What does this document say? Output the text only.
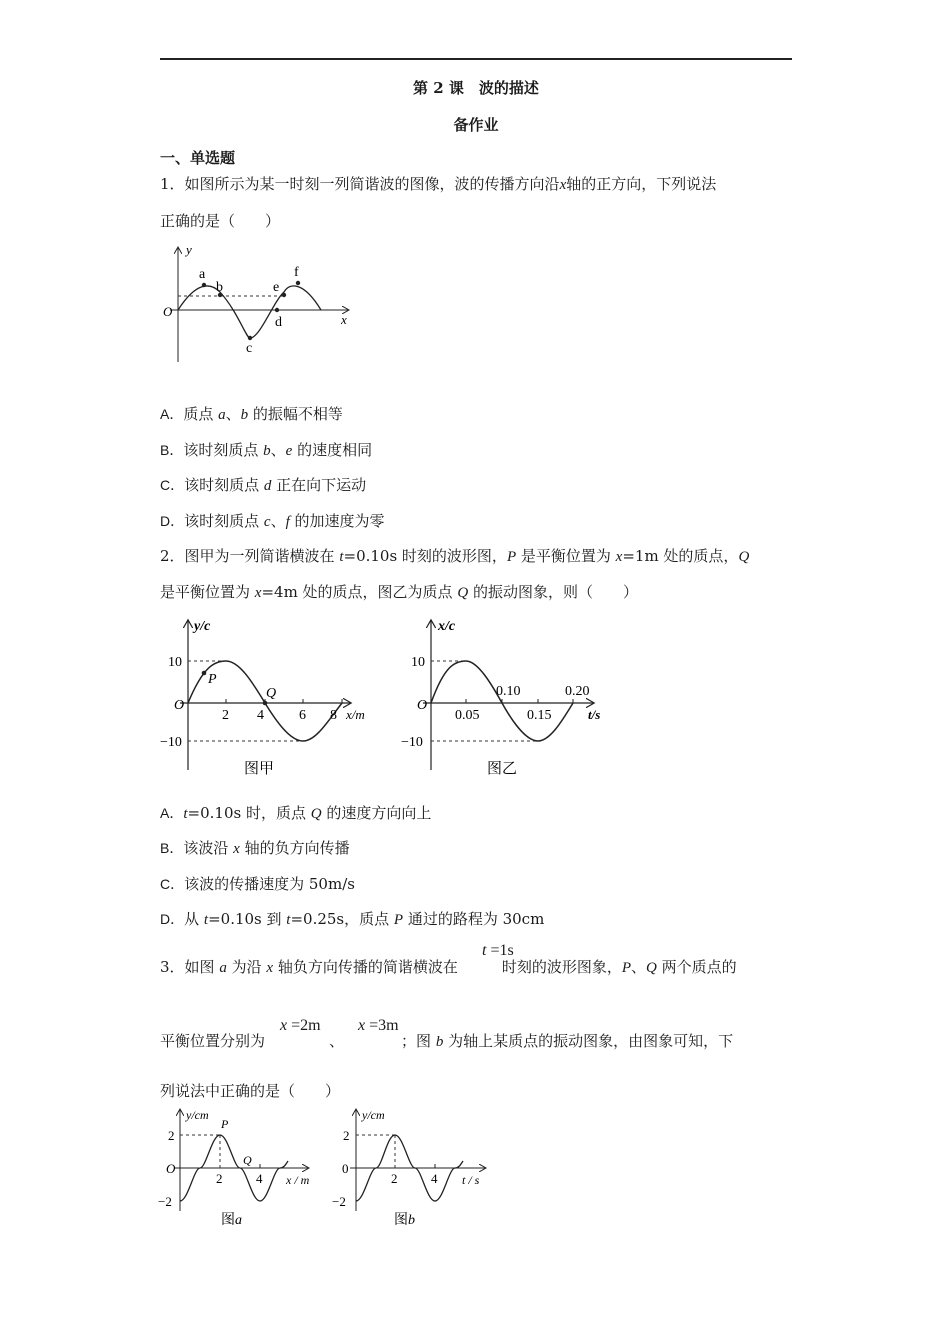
第 2 课　波的描述
备作业
一、单选题
1．如图所示为某一时刻一列简谐波的图像，波的传播方向沿x轴的正方向，下列说法
正确的是（　　）
y
x
O
a
b
c
d
e
f
A．质点 a、b 的振幅不相等
B．该时刻质点 b、e 的速度相同
C．该时刻质点 d 正在向下运动
D．该时刻质点 c、f 的加速度为零
2．图甲为一列简谐横波在 t=0.10s 时刻的波形图，P 是平衡位置为 x=1m 处的质点，Q
是平衡位置为 x=4m 处的质点，图乙为质点 Q 的振动图象，则（　　）
y/c
x/m
O
10
−10
2 4	6 8
P
Q
图甲
x/c
t/s
O
10
−10
0.05	0.15
0.10	0.20
图乙
A．t=0.10s 时，质点 Q 的速度方向向上
B．该波沿 x 轴的负方向传播
C．该波的传播速度为 50m/s
D．从 t=0.10s 到 t=0.25s，质点 P 通过的路程为 30cm
3．如图 a 为沿 x 轴负方向传播的简谐横波在	时刻的波形图象，P、Q 两个质点的
t =1s
平衡位置分别为	、	；图 b 为轴上某质点的振动图象，由图象可知，下
x =2m x =3m
列说法中正确的是（　　）
y/cm
x / m
O
2
−2
2	4
P
Q
图a
y/cm
t / s
0
2
−2
2	4
图b
